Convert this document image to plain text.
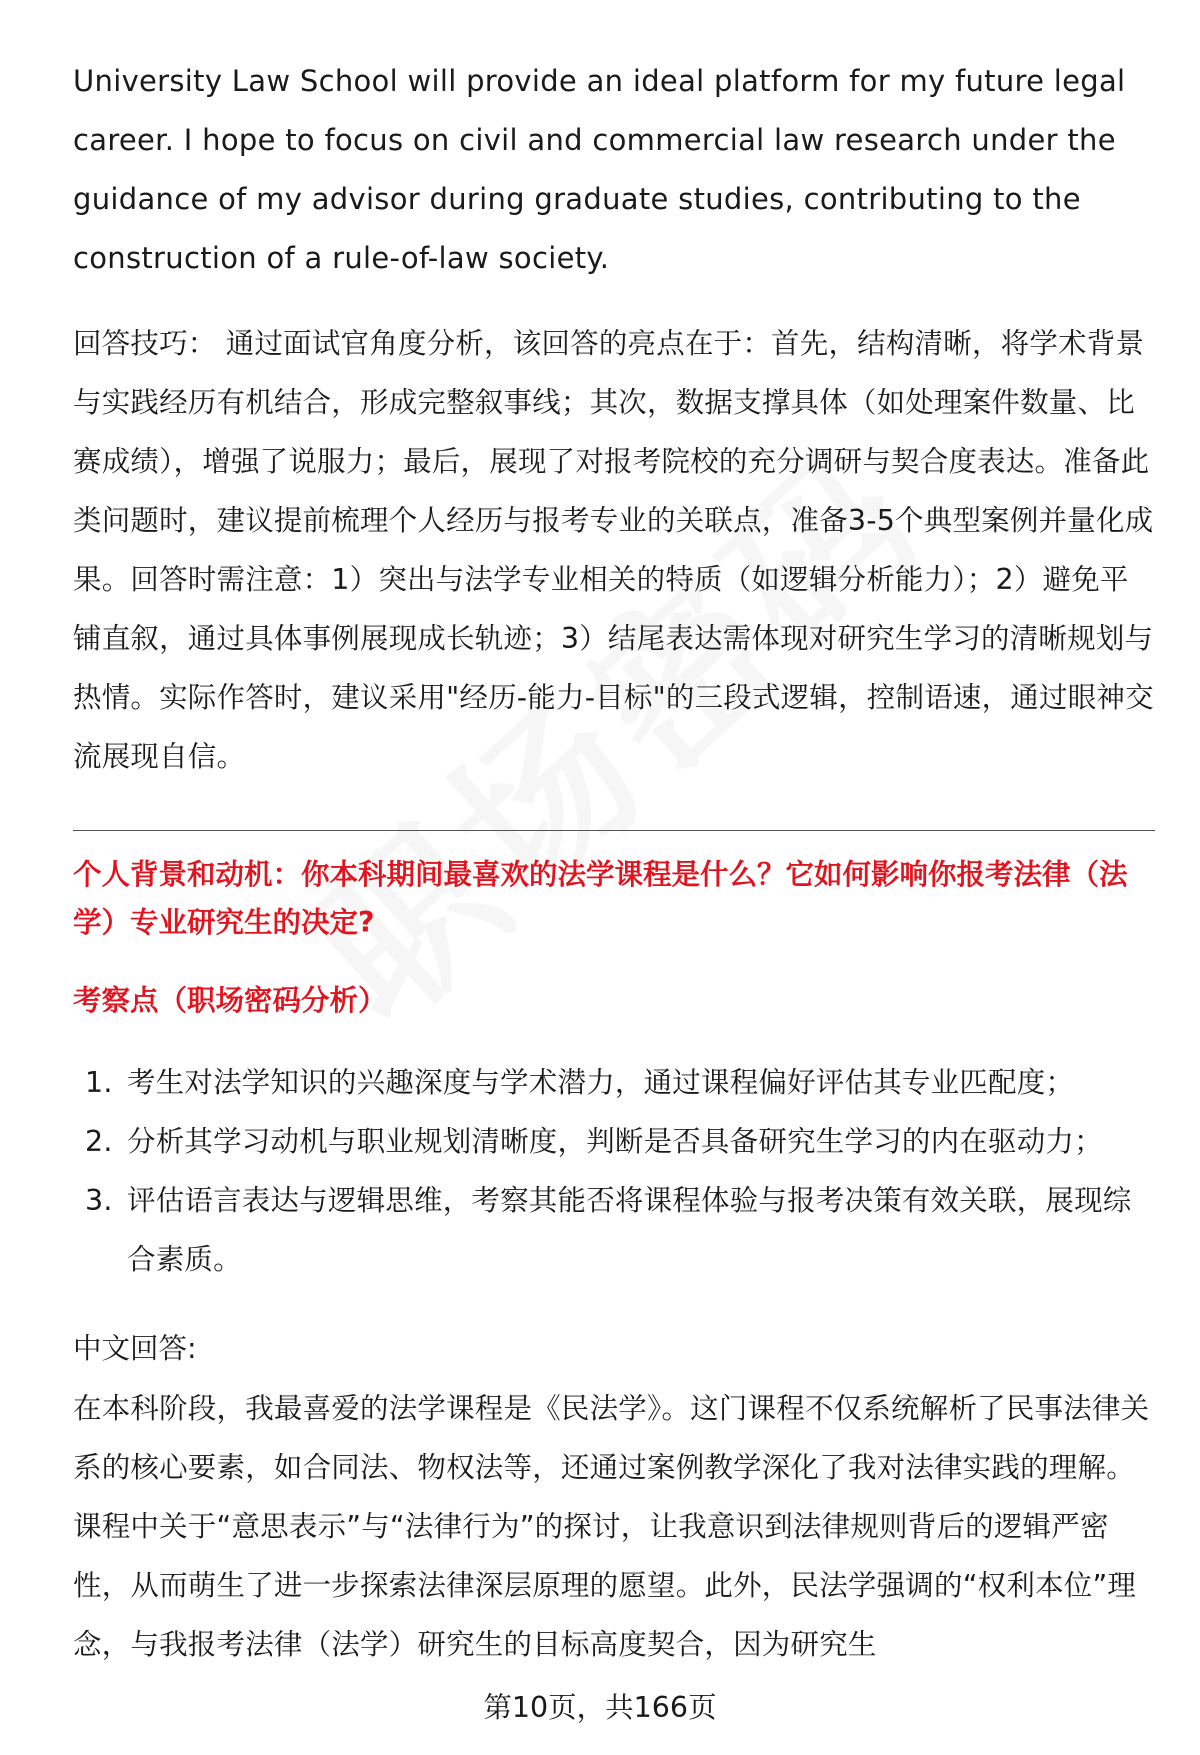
University Law School will provide an ideal platform for my future legal career. I hope to focus on civil and commercial law research under the guidance of my advisor during graduate studies, contributing to the construction of a rule-of-law society.

回答技巧： 通过面试官角度分析，该回答的亮点在于：首先，结构清晰，将学术背景与实践经历有机结合，形成完整叙事线；其次，数据支撑具体（如处理案件数量、比赛成绩），增强了说服力；最后，展现了对报考院校的充分调研与契合度表达。准备此类问题时，建议提前梳理个人经历与报考专业的关联点，准备3-5个典型案例并量化成果。回答时需注意：1）突出与法学专业相关的特质（如逻辑分析能力）；2）避免平铺直叙，通过具体事例展现成长轨迹；3）结尾表达需体现对研究生学习的清晰规划与热情。实际作答时，建议采用"经历-能力-目标"的三段式逻辑，控制语速，通过眼神交流展现自信。

个人背景和动机：你本科期间最喜欢的法学课程是什么？它如何影响你报考法律（法学）专业研究生的决定?

考察点（职场密码分析）

1. 考生对法学知识的兴趣深度与学术潜力，通过课程偏好评估其专业匹配度；
2. 分析其学习动机与职业规划清晰度，判断是否具备研究生学习的内在驱动力；
3. 评估语言表达与逻辑思维，考察其能否将课程体验与报考决策有效关联，展现综合素质。

中文回答:

在本科阶段，我最喜爱的法学课程是《民法学》。这门课程不仅系统解析了民事法律关系的核心要素，如合同法、物权法等，还通过案例教学深化了我对法律实践的理解。课程中关于“意思表示”与“法律行为”的探讨，让我意识到法律规则背后的逻辑严密性，从而萌生了进一步探索法律深层原理的愿望。此外，民法学强调的“权利本位”理念，与我报考法律（法学）研究生的目标高度契合，因为研究生

第10页，共166页
